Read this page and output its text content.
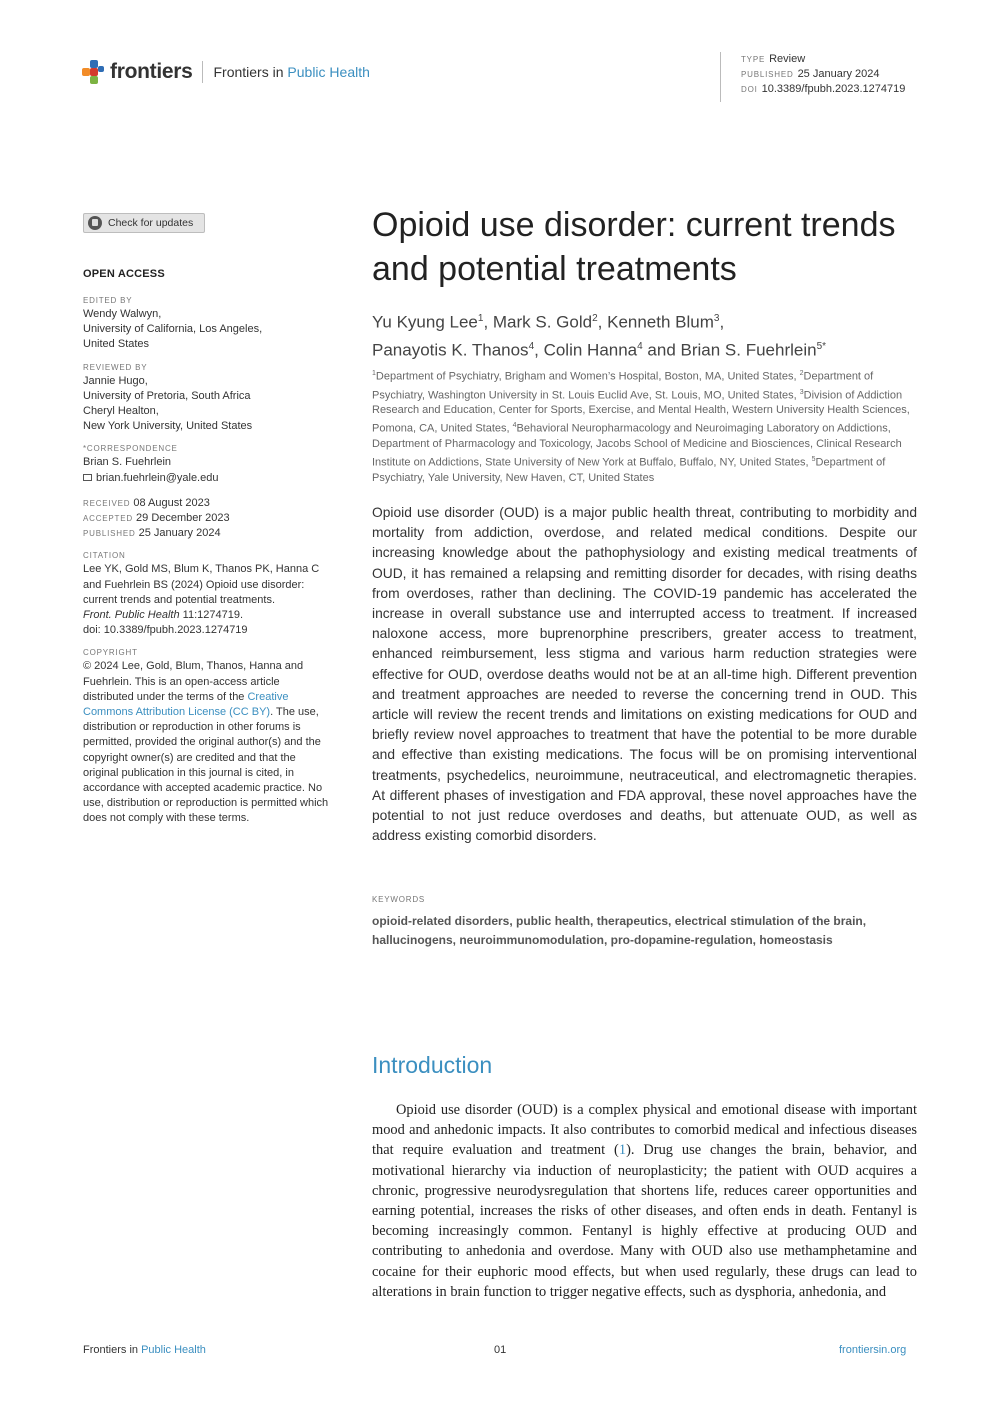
frontiers Frontiers in Public Health
TYPE Review
PUBLISHED 25 January 2024
DOI 10.3389/fpubh.2023.1274719
Check for updates
OPEN ACCESS
EDITED BY
Wendy Walwyn,
University of California, Los Angeles,
United States
REVIEWED BY
Jannie Hugo,
University of Pretoria, South Africa
Cheryl Healton,
New York University, United States
*CORRESPONDENCE
Brian S. Fuehrlein
brian.fuehrlein@yale.edu
RECEIVED 08 August 2023
ACCEPTED 29 December 2023
PUBLISHED 25 January 2024
CITATION
Lee YK, Gold MS, Blum K, Thanos PK, Hanna C and Fuehrlein BS (2024) Opioid use disorder: current trends and potential treatments.
Front. Public Health 11:1274719.
doi: 10.3389/fpubh.2023.1274719
COPYRIGHT
© 2024 Lee, Gold, Blum, Thanos, Hanna and Fuehrlein. This is an open-access article distributed under the terms of the Creative Commons Attribution License (CC BY). The use, distribution or reproduction in other forums is permitted, provided the original author(s) and the copyright owner(s) are credited and that the original publication in this journal is cited, in accordance with accepted academic practice. No use, distribution or reproduction is permitted which does not comply with these terms.
Opioid use disorder: current trends and potential treatments
Yu Kyung Lee$^1$, Mark S. Gold$^2$, Kenneth Blum$^3$,
Panayotis K. Thanos$^4$, Colin Hanna$^4$ and Brian S. Fuehrlein$^{5*}$
$^1$Department of Psychiatry, Brigham and Women’s Hospital, Boston, MA, United States, $^2$Department of Psychiatry, Washington University in St. Louis Euclid Ave, St. Louis, MO, United States, $^3$Division of Addiction Research and Education, Center for Sports, Exercise, and Mental Health, Western University Health Sciences, Pomona, CA, United States, $^4$Behavioral Neuropharmacology and Neuroimaging Laboratory on Addictions, Department of Pharmacology and Toxicology, Jacobs School of Medicine and Biosciences, Clinical Research Institute on Addictions, State University of New York at Buffalo, Buffalo, NY, United States, $^5$Department of Psychiatry, Yale University, New Haven, CT, United States
Opioid use disorder (OUD) is a major public health threat, contributing to morbidity and mortality from addiction, overdose, and related medical conditions. Despite our increasing knowledge about the pathophysiology and existing medical treatments of OUD, it has remained a relapsing and remitting disorder for decades, with rising deaths from overdoses, rather than declining. The COVID-19 pandemic has accelerated the increase in overall substance use and interrupted access to treatment. If increased naloxone access, more buprenorphine prescribers, greater access to treatment, enhanced reimbursement, less stigma and various harm reduction strategies were effective for OUD, overdose deaths would not be at an all-time high. Different prevention and treatment approaches are needed to reverse the concerning trend in OUD. This article will review the recent trends and limitations on existing medications for OUD and briefly review novel approaches to treatment that have the potential to be more durable and effective than existing medications. The focus will be on promising interventional treatments, psychedelics, neuroimmune, neutraceutical, and electromagnetic therapies. At different phases of investigation and FDA approval, these novel approaches have the potential to not just reduce overdoses and deaths, but attenuate OUD, as well as address existing comorbid disorders.
KEYWORDS
opioid-related disorders, public health, therapeutics, electrical stimulation of the brain, hallucinogens, neuroimmunomodulation, pro-dopamine-regulation, homeostasis
Introduction
Opioid use disorder (OUD) is a complex physical and emotional disease with important mood and anhedonic impacts. It also contributes to comorbid medical and infectious diseases that require evaluation and treatment (1). Drug use changes the brain, behavior, and motivational hierarchy via induction of neuroplasticity; the patient with OUD acquires a chronic, progressive neurodysregulation that shortens life, reduces career opportunities and earning potential, increases the risks of other diseases, and often ends in death. Fentanyl is becoming increasingly common. Fentanyl is highly effective at producing OUD and contributing to anhedonia and overdose. Many with OUD also use methamphetamine and cocaine for their euphoric mood effects, but when used regularly, these drugs can lead to alterations in brain function to trigger negative effects, such as dysphoria, anhedonia, and
Frontiers in Public Health	01	frontiersin.org
